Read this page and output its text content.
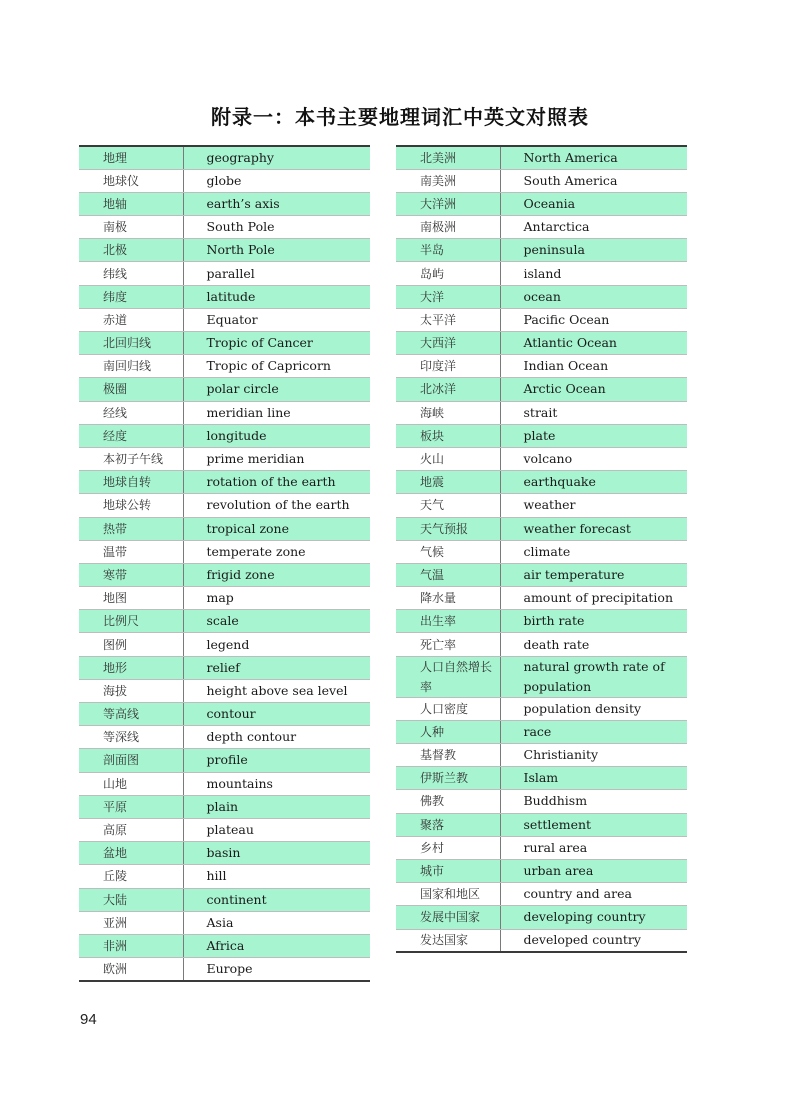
附录一：本书主要地理词汇中英文对照表
地理	geography
地球仪	globe
地轴	earth’s axis
南极	South Pole
北极	North Pole
纬线	parallel
纬度	latitude
赤道	Equator
北回归线	Tropic of Cancer
南回归线	Tropic of Capricorn
极圈	polar circle
经线	meridian line
经度	longitude
本初子午线	prime meridian
地球自转	rotation of the earth
地球公转	revolution of the earth
热带	tropical zone
温带	temperate zone
寒带	frigid zone
地图	map
比例尺	scale
图例	legend
地形	relief
海拔	height above sea level
等高线	contour
等深线	depth contour
剖面图	profile
山地	mountains
平原	plain
高原	plateau
盆地	basin
丘陵	hill
大陆	continent
亚洲	Asia
非洲	Africa
欧洲	Europe
北美洲	North America
南美洲	South America
大洋洲	Oceania
南极洲	Antarctica
半岛	peninsula
岛屿	island
大洋	ocean
太平洋	Pacific Ocean
大西洋	Atlantic Ocean
印度洋	Indian Ocean
北冰洋	Arctic Ocean
海峡	strait
板块	plate
火山	volcano
地震	earthquake
天气	weather
天气预报	weather forecast
气候	climate
气温	air temperature
降水量	amount of precipitation
出生率	birth rate
死亡率	death rate
人口自然增长率	natural growth rate of population
人口密度	population density
人种	race
基督教	Christianity
伊斯兰教	Islam
佛教	Buddhism
聚落	settlement
乡村	rural area
城市	urban area
国家和地区	country and area
发展中国家	developing country
发达国家	developed country
94
